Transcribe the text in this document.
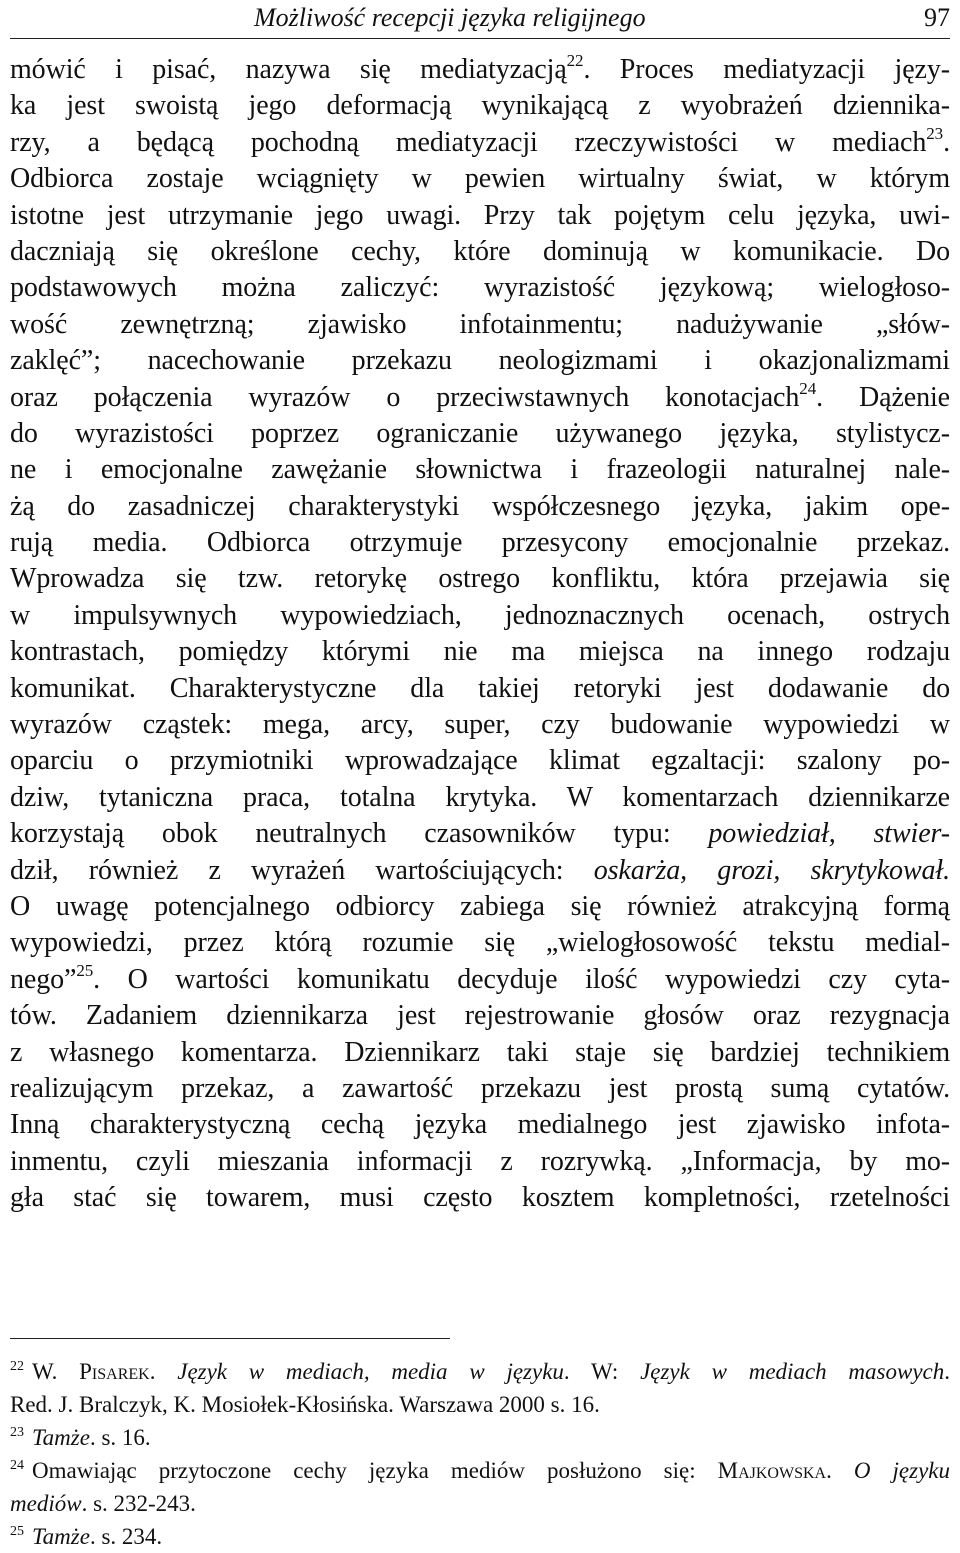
Możliwość recepcji języka religijnego	97
mówić i pisać, nazywa się mediatyzacją$^{22}$. Proces mediatyzacji języ-
ka jest swoistą jego deformacją wynikającą z wyobrażeń dziennika-
rzy, a będącą pochodną mediatyzacji rzeczywistości w mediach$^{23}$.
Odbiorca zostaje wciągnięty w pewien wirtualny świat, w którym
istotne jest utrzymanie jego uwagi. Przy tak pojętym celu języka, uwi-
daczniają się określone cechy, które dominują w komunikacie. Do
podstawowych można zaliczyć: wyrazistość językową; wielogłoso-
wość zewnętrzną; zjawisko infotainmentu; nadużywanie „słów-
zaklęć”; nacechowanie przekazu neologizmami i okazjonalizmami
oraz połączenia wyrazów o przeciwstawnych konotacjach$^{24}$. Dążenie
do wyrazistości poprzez ograniczanie używanego języka, stylistycz-
ne i emocjonalne zawężanie słownictwa i frazeologii naturalnej nale-
żą do zasadniczej charakterystyki współczesnego języka, jakim ope-
rują media. Odbiorca otrzymuje przesycony emocjonalnie przekaz.
Wprowadza się tzw. retorykę ostrego konfliktu, która przejawia się
w impulsywnych wypowiedziach, jednoznacznych ocenach, ostrych
kontrastach, pomiędzy którymi nie ma miejsca na innego rodzaju
komunikat. Charakterystyczne dla takiej retoryki jest dodawanie do
wyrazów cząstek: mega, arcy, super, czy budowanie wypowiedzi w
oparciu o przymiotniki wprowadzające klimat egzaltacji: szalony po-
dziw, tytaniczna praca, totalna krytyka. W komentarzach dziennikarze
korzystają obok neutralnych czasowników typu: powiedział, stwier-
dził, również z wyrażeń wartościujących: oskarża, grozi, skrytykował.
O uwagę potencjalnego odbiorcy zabiega się również atrakcyjną formą
wypowiedzi, przez którą rozumie się „wielogłosowość tekstu medial-
nego”$^{25}$. O wartości komunikatu decyduje ilość wypowiedzi czy cyta-
tów. Zadaniem dziennikarza jest rejestrowanie głosów oraz rezygnacja
z własnego komentarza. Dziennikarz taki staje się bardziej technikiem
realizującym przekaz, a zawartość przekazu jest prostą sumą cytatów.
Inną charakterystyczną cechą języka medialnego jest zjawisko infota-
inmentu, czyli mieszania informacji z rozrywką. „Informacja, by mo-
gła stać się towarem, musi często kosztem kompletności, rzetelności
$^{22}$ W. Pisarek. Język w mediach, media w języku. W: Język w mediach masowych.
Red. J. Bralczyk, K. Mosiołek-Kłosińska. Warszawa 2000 s. 16.
$^{23}$ Tamże. s. 16.
$^{24}$ Omawiając przytoczone cechy języka mediów posłużono się: Majkowska. O języku
mediów. s. 232-243.
$^{25}$ Tamże. s. 234.
